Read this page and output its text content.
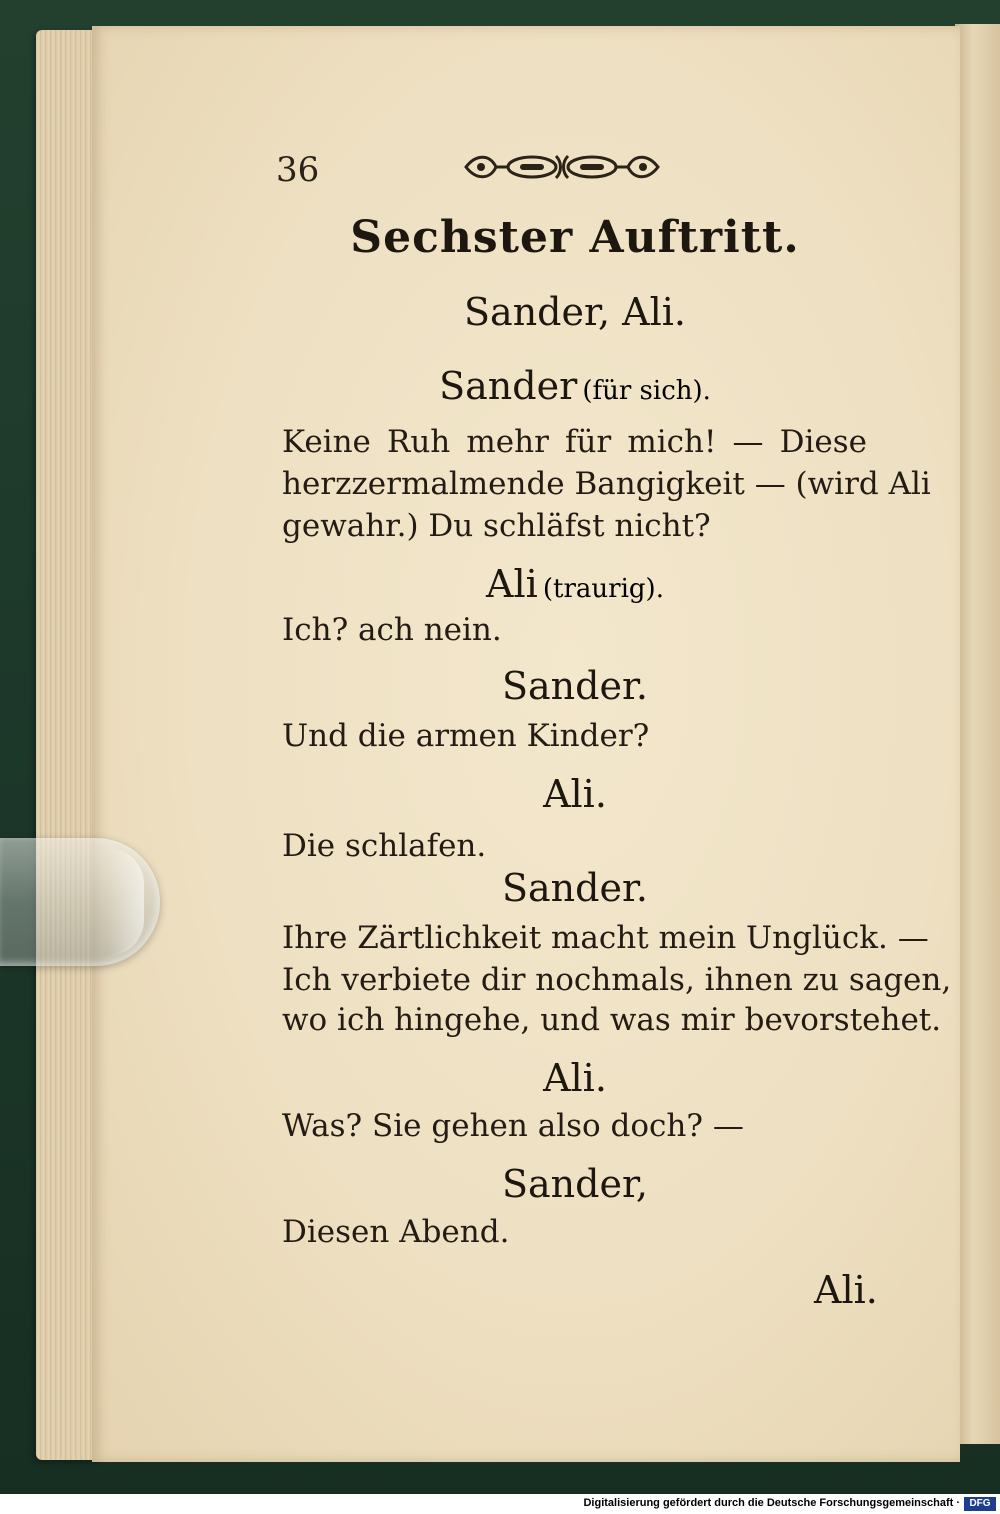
36
Sechster Auftritt.
Sander, Ali.
Sander (für sich).
Keine Ruh mehr für mich! — Diese
herzzermalmende Bangigkeit — (wird Ali
gewahr.) Du schläfst nicht?
Ali (traurig).
Ich? ach nein.
Sander.
Und die armen Kinder?
Ali.
Die schlafen.
Sander.
Ihre Zärtlichkeit macht mein Unglück. —
Ich verbiete dir nochmals, ihnen zu sagen,
wo ich hingehe, und was mir bevorstehet.
Ali.
Was? Sie gehen also doch? —
Sander,
Diesen Abend.
Ali.
Digitalisierung gefördert durch die Deutsche Forschungsgemeinschaft · DFG
